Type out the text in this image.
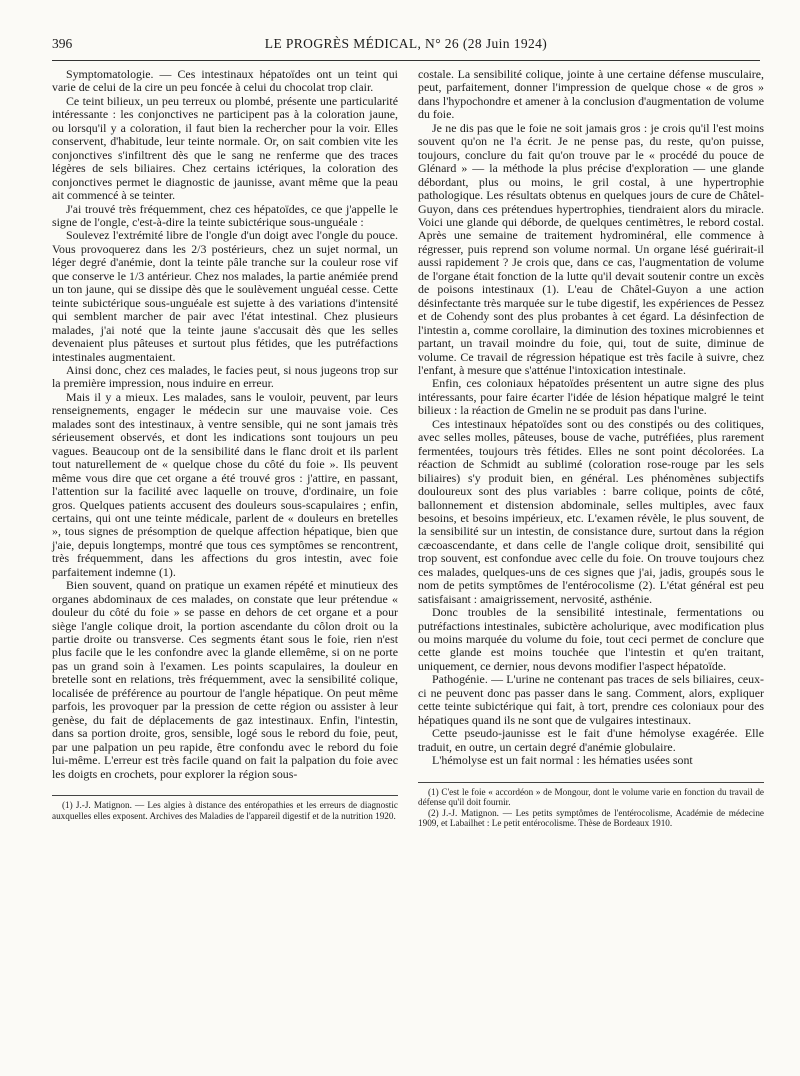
396	LE PROGRÈS MÉDICAL, N° 26 (28 Juin 1924)

Symptomatologie. — Ces intestinaux hépatoïdes ont un teint qui varie de celui de la cire un peu foncée à celui du chocolat trop clair.

Ce teint bilieux, un peu terreux ou plombé, présente une particularité intéressante : les conjonctives ne participent pas à la coloration jaune, ou lorsqu'il y a coloration, il faut bien la rechercher pour la voir. Elles conservent, d'habitude, leur teinte normale. Or, on sait combien vite les conjonctives s'infiltrent dès que le sang ne renferme que des traces légères de sels biliaires. Chez certains ictériques, la coloration des conjonctives permet le diagnostic de jaunisse, avant même que la peau ait commencé à se teinter.

J'ai trouvé très fréquemment, chez ces hépatoïdes, ce que j'appelle le signe de l'ongle, c'est-à-dire la teinte subictérique sous-unguéale :

Soulevez l'extrémité libre de l'ongle d'un doigt avec l'ongle du pouce. Vous provoquerez dans les 2/3 postérieurs, chez un sujet normal, un léger degré d'anémie, dont la teinte pâle tranche sur la couleur rose vif que conserve le 1/3 antérieur. Chez nos malades, la partie anémiée prend un ton jaune, qui se dissipe dès que le soulèvement unguéal cesse. Cette teinte subictérique sous-unguéale est sujette à des variations d'intensité qui semblent marcher de pair avec l'état intestinal. Chez plusieurs malades, j'ai noté que la teinte jaune s'accusait dès que les selles devenaient plus pâteuses et surtout plus fétides, que les putréfactions intestinales augmentaient.

Ainsi donc, chez ces malades, le facies peut, si nous jugeons trop sur la première impression, nous induire en erreur.

Mais il y a mieux. Les malades, sans le vouloir, peuvent, par leurs renseignements, engager le médecin sur une mauvaise voie. Ces malades sont des intestinaux, à ventre sensible, qui ne sont jamais très sérieusement observés, et dont les indications sont toujours un peu vagues. Beaucoup ont de la sensibilité dans le flanc droit et ils parlent tout naturellement de « quelque chose du côté du foie ». Ils peuvent même vous dire que cet organe a été trouvé gros : j'attire, en passant, l'attention sur la facilité avec laquelle on trouve, d'ordinaire, un foie gros. Quelques patients accusent des douleurs sous-scapulaires ; enfin, certains, qui ont une teinte médicale, parlent de « douleurs en bretelles », tous signes de présomption de quelque affection hépatique, bien que j'aie, depuis longtemps, montré que tous ces symptômes se rencontrent, très fréquemment, dans les affections du gros intestin, avec foie parfaitement indemne (1).

Bien souvent, quand on pratique un examen répété et minutieux des organes abdominaux de ces malades, on constate que leur prétendue « douleur du côté du foie » se passe en dehors de cet organe et a pour siège l'angle colique droit, la portion ascendante du côlon droit ou la partie droite ou transverse. Ces segments étant sous le foie, rien n'est plus facile que le les confondre avec la glande ellemême, si on ne porte pas un grand soin à l'examen. Les points scapulaires, la douleur en bretelle sont en relations, très fréquemment, avec la sensibilité colique, localisée de préférence au pourtour de l'angle hépatique. On peut même parfois, les provoquer par la pression de cette région ou assister à leur genèse, du fait de déplacements de gaz intestinaux. Enfin, l'intestin, dans sa portion droite, gros, sensible, logé sous le rebord du foie, peut, par une palpation un peu rapide, être confondu avec le rebord du foie lui-même. L'erreur est très facile quand on fait la palpation du foie avec les doigts en crochets, pour explorer la région sous-

(1) J.-J. Matignon. — Les algies à distance des entéropathies et les erreurs de diagnostic auxquelles elles exposent. Archives des Maladies de l'appareil digestif et de la nutrition 1920.

costale. La sensibilité colique, jointe à une certaine défense musculaire, peut, parfaitement, donner l'impression de quelque chose « de gros » dans l'hypochondre et amener à la conclusion d'augmentation de volume du foie.

Je ne dis pas que le foie ne soit jamais gros : je crois qu'il l'est moins souvent qu'on ne l'a écrit. Je ne pense pas, du reste, qu'on puisse, toujours, conclure du fait qu'on trouve par le « procédé du pouce de Glénard » — la méthode la plus précise d'exploration — une glande débordant, plus ou moins, le gril costal, à une hypertrophie pathologique. Les résultats obtenus en quelques jours de cure de Châtel-Guyon, dans ces prétendues hypertrophies, tiendraient alors du miracle. Voici une glande qui déborde, de quelques centimètres, le rebord costal. Après une semaine de traitement hydrominéral, elle commence à régresser, puis reprend son volume normal. Un organe lésé guérirait-il aussi rapidement ? Je crois que, dans ce cas, l'augmentation de volume de l'organe était fonction de la lutte qu'il devait soutenir contre un excès de poisons intestinaux (1). L'eau de Châtel-Guyon a une action désinfectante très marquée sur le tube digestif, les expériences de Pessez et de Cohendy sont des plus probantes à cet égard. La désinfection de l'intestin a, comme corollaire, la diminution des toxines microbiennes et partant, un travail moindre du foie, qui, tout de suite, diminue de volume. Ce travail de régression hépatique est très facile à suivre, chez l'enfant, à mesure que s'atténue l'intoxication intestinale.

Enfin, ces coloniaux hépatoïdes présentent un autre signe des plus intéressants, pour faire écarter l'idée de lésion hépatique malgré le teint bilieux : la réaction de Gmelin ne se produit pas dans l'urine.

Ces intestinaux hépatoïdes sont ou des constipés ou des colitiques, avec selles molles, pâteuses, bouse de vache, putréfiées, plus rarement fermentées, toujours très fétides. Elles ne sont point décolorées. La réaction de Schmidt au sublimé (coloration rose-rouge par les sels biliaires) s'y produit bien, en général. Les phénomènes subjectifs douloureux sont des plus variables : barre colique, points de côté, ballonnement et distension abdominale, selles multiples, avec faux besoins, et besoins impérieux, etc. L'examen révèle, le plus souvent, de la sensibilité sur un intestin, de consistance dure, surtout dans la région cæcoascendante, et dans celle de l'angle colique droit, sensibilité qui trop souvent, est confondue avec celle du foie. On trouve toujours chez ces malades, quelques-uns de ces signes que j'ai, jadis, groupés sous le nom de petits symptômes de l'entérocolisme (2). L'état général est peu satisfaisant : amaigrissement, nervosité, asthénie.

Donc troubles de la sensibilité intestinale, fermentations ou putréfactions intestinales, subictère acholurique, avec modification plus ou moins marquée du volume du foie, tout ceci permet de conclure que cette glande est moins touchée que l'intestin et qu'en traitant, uniquement, ce dernier, nous devons modifier l'aspect hépatoïde.

Pathogénie. — L'urine ne contenant pas traces de sels biliaires, ceux-ci ne peuvent donc pas passer dans le sang. Comment, alors, expliquer cette teinte subictérique qui fait, à tort, prendre ces coloniaux pour des hépatiques quand ils ne sont que de vulgaires intestinaux.

Cette pseudo-jaunisse est le fait d'une hémolyse exagérée. Elle traduit, en outre, un certain degré d'anémie globulaire.

L'hémolyse est un fait normal : les hématies usées sont

(1) C'est le foie « accordéon » de Mongour, dont le volume varie en fonction du travail de défense qu'il doit fournir.

(2) J.-J. Matignon. — Les petits symptômes de l'entérocolisme, Académie de médecine 1909, et Labailhet : Le petit entérocolisme. Thèse de Bordeaux 1910.
